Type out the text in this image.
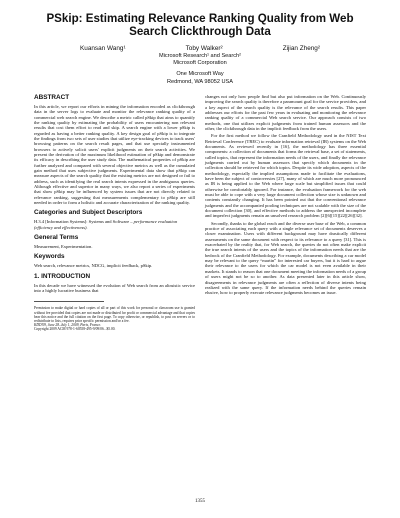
PSkip: Estimating Relevance Ranking Quality from Web Search Clickthrough Data
Kuansan Wang¹	Toby Walker²	Zijian Zheng²
Microsoft Research¹ and Search²
Microsoft Corporation
One Microsoft Way
Redmond, WA 98052 USA
ABSTRACT

In this article, we report our efforts in mining the information encoded as clickthrough data in the server logs to evaluate and monitor the relevance ranking quality of a commercial web search engine. We describe a metric called pSkip that aims to quantify the ranking quality by estimating the probability of users encountering non relevant results that cost them effort to read and skip. A search engine with a lower pSkip is regarded as having a better ranking quality. A key design goal of pSkip is to integrate the findings from two sets of user studies that utilize eye-tracking devices to track users' browsing patterns on the search result pages, and that use specially instrumented browsers to actively solicit users' explicit judgments on their search activities. We present the derivation of the maximum likelihood estimation of pSkip and demonstrate its efficacy in describing the user study data. The mathematical properties of pSkip are further analyzed and compared with several objective metrics as well as the cumulated gain method that uses subjective judgments. Experimental data show that pSkip can measure aspects of the search quality that the existing metrics are not designed or fail to address, such as identifying the real search intents expressed in the ambiguous queries. Although effective and superior in many ways, we also report a series of experiments that show pSkip may be influenced by system issues that are not directly related to relevance ranking, suggesting that measurements complementary to pSkip are still needed in order to form a holistic and accurate characterization of the ranking quality.

Categories and Subject Descriptors

H.3.4 [Information Systems]: Systems and Software – performance evaluation (efficiency and effectiveness).

General Terms

Measurement, Experimentation.

Keywords

Web search, relevance metrics, NDCG, implicit feedback, pSkip.

1. INTRODUCTION

In this decade we have witnessed the evolution of Web search from an altruistic service into a highly lucrative business that

Permission to make digital or hard copies of all or part of this work for personal or classroom use is granted without fee provided that copies are not made or distributed for profit or commercial advantage and that copies bear this notice and the full citation on the first page. To copy otherwise, or republish, to post on servers or to redistribute to lists, requires prior specific permission and/or a fee.
KDD'09, June 28–July 1, 2009, Paris, France.
Copyright 2009 ACM 978-1-60558-495-9/09/06...$5.00.

changes not only how people find but also put information on the Web. Continuously improving the search quality is therefore a paramount goal for the service providers, and a key aspect of the search quality is the relevance of the search results. This paper addresses our efforts for the past few years in evaluating and monitoring the relevance ranking quality of a commercial Web search service. Our approach consists of two methods, one that utilizes explicit judgments from trained human assessors and the other, the clickthrough data in the implicit feedback from the users.

For the first method we follow the Cranfield Methodology used in the NIST Text Retrieval Conference (TREC) to evaluate information retrieval (IR) systems on the Web documents. As reviewed recently in [16], the methodology has three essential components: a collection of documents that forms the retrieval base, a set of statements, called topics, that represent the information needs of the users, and finally the relevance judgments carried out by human assessors that specify which documents in the collection should be retrieved for which topics. Despite its wide adoption, aspects of the methodology, especially the implied assumptions made to facilitate the evaluations, have been the subject of controversies [27], many of which are much more pronounced as IR is being applied to the Web where large scale but simplified issues that could otherwise be comfortably ignored. For instance, the evaluation framework for the web must be able to cope with a very large document collection whose size is unknown and contents constantly changing. It has been pointed out that the conventional relevance judgments and the accompanied pooling techniques are not scalable with the size of the document collection [30], and effective methods to address the unexpected incomplete and imperfect judgments remain an unsolved research problem [2][6][15][22][26][32].

Secondly, thanks to the global reach and the diverse user base of the Web, a common practice of associating each query with a single relevance set of documents deserves a closer examination. Users with different background may have drastically different assessments on the same document with respect to its relevance to a query [31]. This is exacerbated by the reality that, for Web search, the queries do not often make explicit the true search intents of the users and the topics of the information needs that are the bedrock of the Cranfield Methodology. For example, documents describing a car model may be relevant to the query “martin” for interested car buyers, but it is hard to argue their relevance to the users for which the car model is not even available in their markets. It stands to reason that one document meeting the information needs of a group of users might not be so to another. As data presented later in this article show, disagreements in relevance judgments are often a reflection of diverse intents being realized with the same query. If the information needs behind the queries remain elusive, how to properly execute relevance judgments becomes an issue.

1355
